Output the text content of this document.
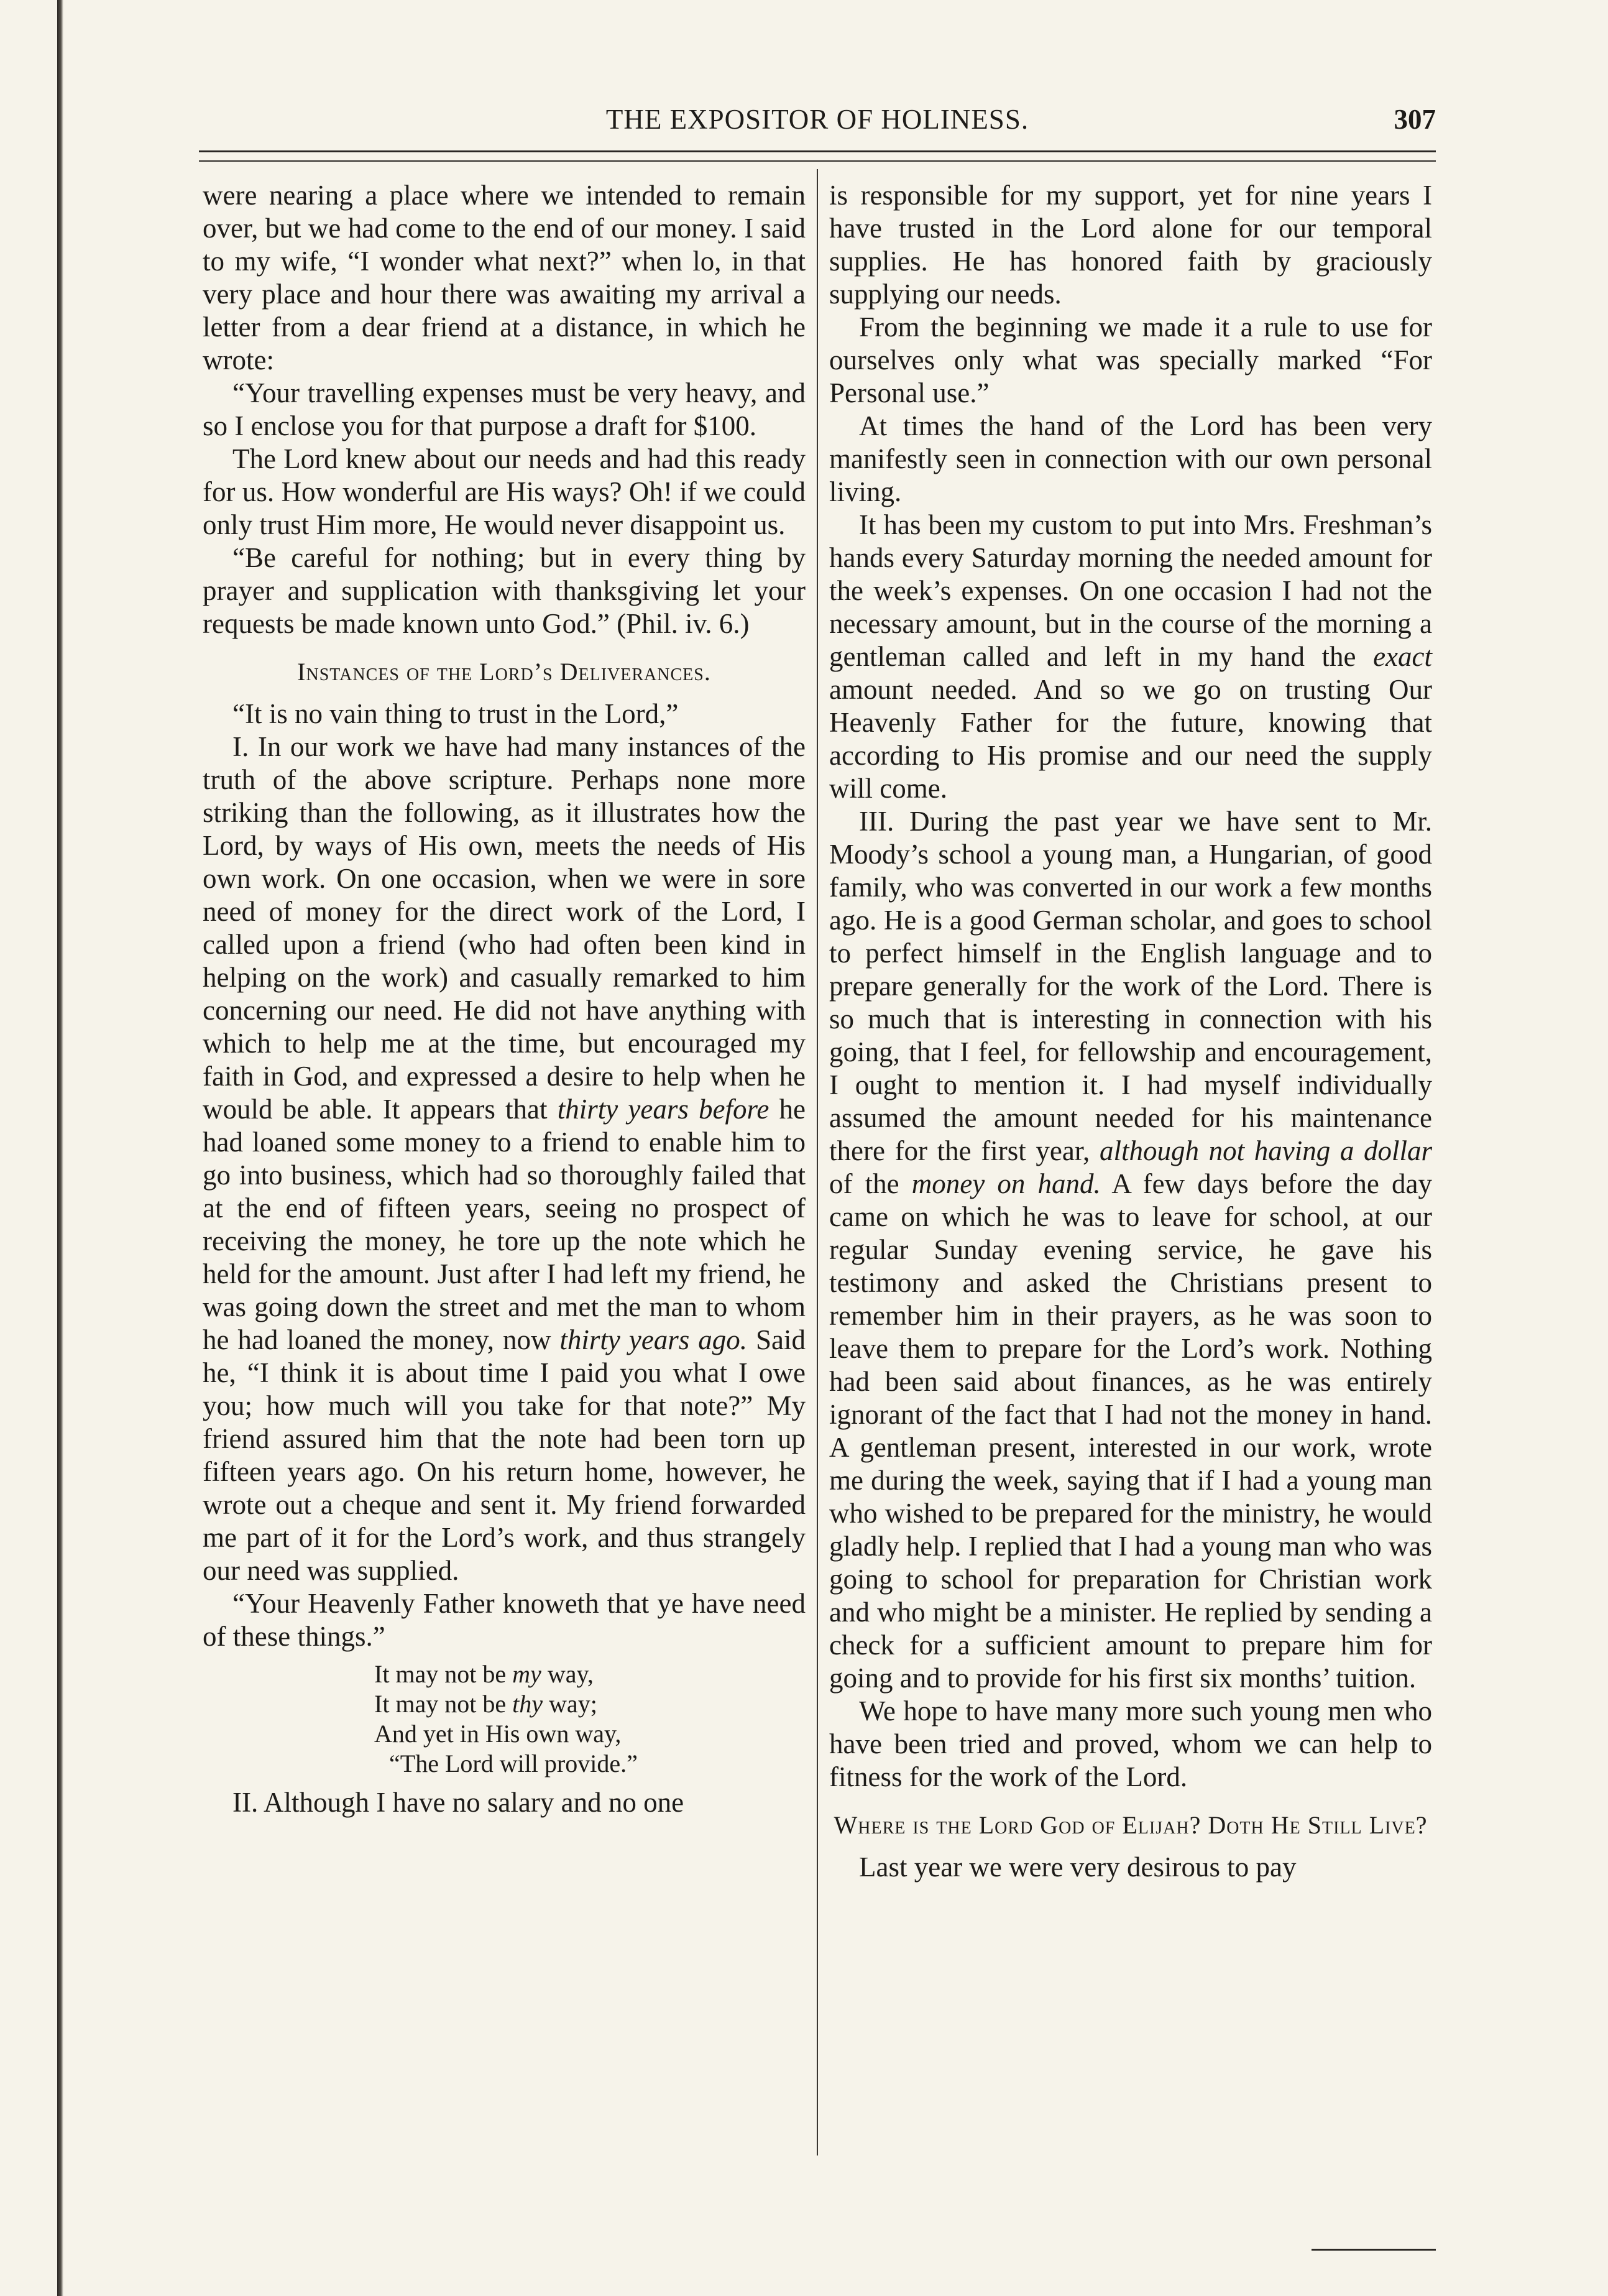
THE EXPOSITOR OF HOLINESS.	307

were nearing a place where we intended to remain over, but we had come to the end of our money. I said to my wife, “I wonder what next?” when lo, in that very place and hour there was awaiting my arrival a letter from a dear friend at a distance, in which he wrote:

“Your travelling expenses must be very heavy, and so I enclose you for that purpose a draft for $100.

The Lord knew about our needs and had this ready for us. How wonderful are His ways? Oh! if we could only trust Him more, He would never disappoint us.

“Be careful for nothing; but in every thing by prayer and supplication with thanksgiving let your requests be made known unto God.” (Phil. iv. 6.)

Instances of the Lord’s Deliverances.

“It is no vain thing to trust in the Lord,”

I. In our work we have had many instances of the truth of the above scripture. Perhaps none more striking than the following, as it illustrates how the Lord, by ways of His own, meets the needs of His own work. On one occasion, when we were in sore need of money for the direct work of the Lord, I called upon a friend (who had often been kind in helping on the work) and casually remarked to him concerning our need. He did not have anything with which to help me at the time, but encouraged my faith in God, and expressed a desire to help when he would be able. It appears that thirty years before he had loaned some money to a friend to enable him to go into business, which had so thoroughly failed that at the end of fifteen years, seeing no prospect of receiving the money, he tore up the note which he held for the amount. Just after I had left my friend, he was going down the street and met the man to whom he had loaned the money, now thirty years ago. Said he, “I think it is about time I paid you what I owe you; how much will you take for that note?” My friend assured him that the note had been torn up fifteen years ago. On his return home, however, he wrote out a cheque and sent it. My friend forwarded me part of it for the Lord’s work, and thus strangely our need was supplied.

“Your Heavenly Father knoweth that ye have need of these things.”

It may not be my way,
It may not be thy way;
And yet in His own way,
“The Lord will provide.”

II. Although I have no salary and no one

is responsible for my support, yet for nine years I have trusted in the Lord alone for our temporal supplies. He has honored faith by graciously supplying our needs.

From the beginning we made it a rule to use for ourselves only what was specially marked “For Personal use.”

At times the hand of the Lord has been very manifestly seen in connection with our own personal living.

It has been my custom to put into Mrs. Freshman’s hands every Saturday morning the needed amount for the week’s expenses. On one occasion I had not the necessary amount, but in the course of the morning a gentleman called and left in my hand the exact amount needed. And so we go on trusting Our Heavenly Father for the future, knowing that according to His promise and our need the supply will come.

III. During the past year we have sent to Mr. Moody’s school a young man, a Hungarian, of good family, who was converted in our work a few months ago. He is a good German scholar, and goes to school to perfect himself in the English language and to prepare generally for the work of the Lord. There is so much that is interesting in connection with his going, that I feel, for fellowship and encouragement, I ought to mention it. I had myself individually assumed the amount needed for his maintenance there for the first year, although not having a dollar of the money on hand. A few days before the day came on which he was to leave for school, at our regular Sunday evening service, he gave his testimony and asked the Christians present to remember him in their prayers, as he was soon to leave them to prepare for the Lord’s work. Nothing had been said about finances, as he was entirely ignorant of the fact that I had not the money in hand. A gentleman present, interested in our work, wrote me during the week, saying that if I had a young man who wished to be prepared for the ministry, he would gladly help. I replied that I had a young man who was going to school for preparation for Christian work and who might be a minister. He replied by sending a check for a sufficient amount to prepare him for going and to provide for his first six months’ tuition.

We hope to have many more such young men who have been tried and proved, whom we can help to fitness for the work of the Lord.

Where is the Lord God of Elijah? Doth He Still Live?

Last year we were very desirous to pay
